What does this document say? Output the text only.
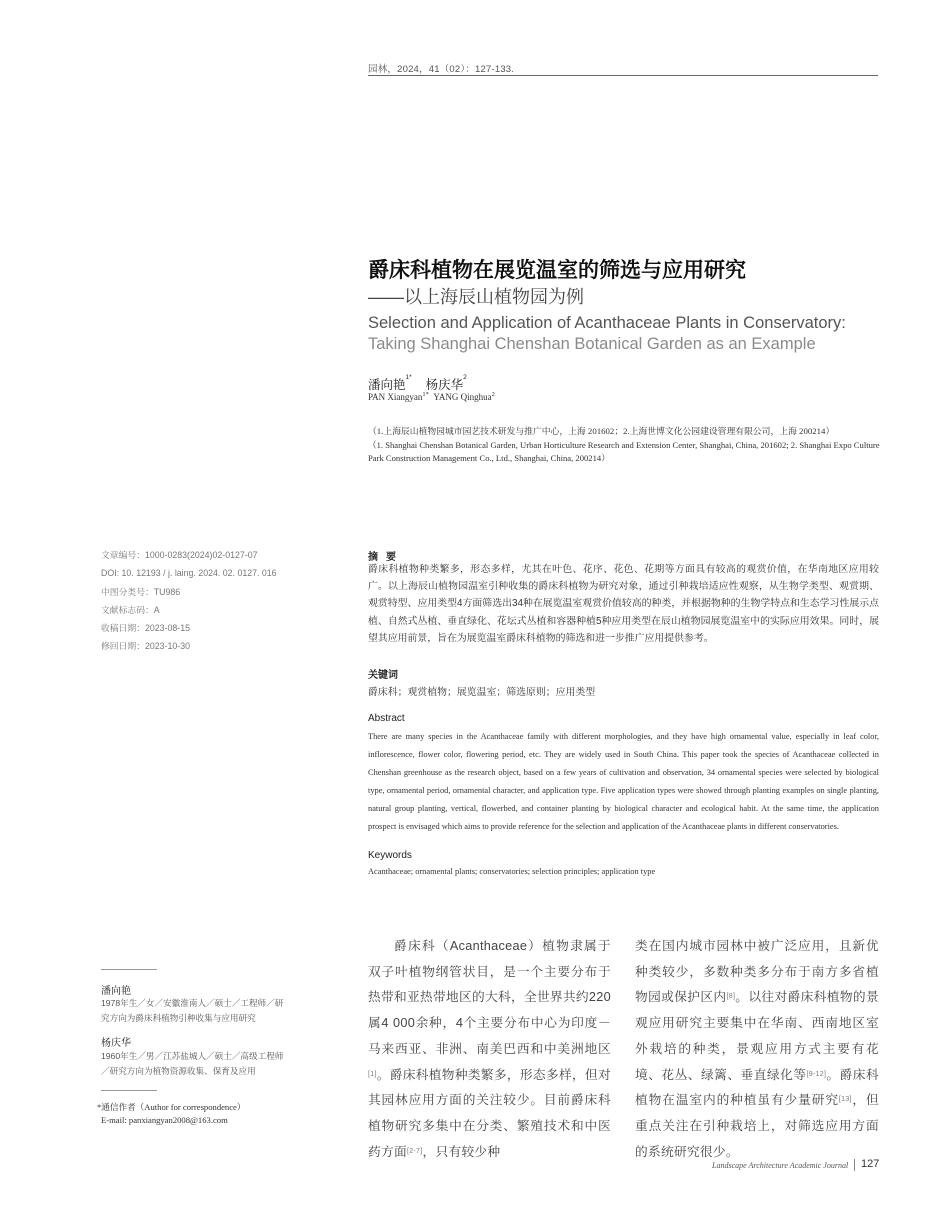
园林，2024，41（02）：127-133.
爵床科植物在展览温室的筛选与应用研究
——以上海辰山植物园为例
Selection and Application of Acanthaceae Plants in Conservatory: Taking Shanghai Chenshan Botanical Garden as an Example
潘向艳$^{1*}$    杨庆华$^2$
PAN Xiangyan$^{1*}$ YANG Qinghua$^2$
（1.上海辰山植物园城市园艺技术研发与推广中心，上海 201602；2.上海世博文化公园建设管理有限公司，上海 200214）
（1. Shanghai Chenshan Botanical Garden, Urban Horticulture Research and Extension Center, Shanghai, China, 201602; 2. Shanghai Expo Culture Park Construction Management Co., Ltd., Shanghai, China, 200214）
文章编号：1000-0283(2024)02-0127-07
DOI: 10. 12193 / j. laing. 2024. 02. 0127. 016
中图分类号：TU986
文献标志码：A
收稿日期：2023-08-15
修回日期：2023-10-30
摘要
爵床科植物种类繁多，形态多样，尤其在叶色、花序、花色、花期等方面具有较高的观赏价值，在华南地区应用较广。以上海辰山植物园温室引种收集的爵床科植物为研究对象，通过引种栽培适应性观察，从生物学类型、观赏期、观赏特型、应用类型4方面筛选出34种在展览温室观赏价值较高的种类，并根据物种的生物学特点和生态学习性展示点植、自然式丛植、垂直绿化、花坛式丛植和容器种植5种应用类型在辰山植物园展览温室中的实际应用效果。同时，展望其应用前景，旨在为展览温室爵床科植物的筛选和进一步推广应用提供参考。
关键词
爵床科；观赏植物；展览温室；筛选原则；应用类型
Abstract
There are many species in the Acanthaceae family with different morphologies, and they have high ornamental value, especially in leaf color, inflorescence, flower color, flowering period, etc. They are widely used in South China. This paper took the species of Acanthaceae collected in Chenshan greenhouse as the research object, based on a few years of cultivation and observation, 34 ornamental species were selected by biological type, ornamental period, ornamental character, and application type. Five application types were showed through planting examples on single planting, natural group planting, vertical, flowerbed, and container planting by biological character and ecological habit. At the same time, the application prospect is envisaged which aims to provide reference for the selection and application of the Acanthaceae plants in different conservatories.
Keywords
Acanthaceae; ornamental plants; conservatories; selection principles; application type
潘向艳
1978年生／女／安徽淮南人／硕士／工程师／研究方向为爵床科植物引种收集与应用研究
杨庆华
1960年生／男／江苏盐城人／硕士／高级工程师／研究方向为植物资源收集、保育及应用
*通信作者（Author for correspondence）
E-mail: panxiangyan2008@163.com
爵床科（Acanthaceae）植物隶属于双子叶植物纲管状目，是一个主要分布于热带和亚热带地区的大科，全世界共约220属4 000余种，4个主要分布中心为印度－马来西亚、非洲、南美巴西和中美洲地区[1]。爵床科植物种类繁多，形态多样，但对其园林应用方面的关注较少。目前爵床科植物研究多集中在分类、繁殖技术和中医药方面[2-7]，只有较少种
类在国内城市园林中被广泛应用，且新优种类较少，多数种类多分布于南方多省植物园或保护区内[8]。以往对爵床科植物的景观应用研究主要集中在华南、西南地区室外栽培的种类，景观应用方式主要有花境、花丛、绿篱、垂直绿化等[9-12]。爵床科植物在温室内的种植虽有少量研究[13]，但重点关注在引种栽培上，对筛选应用方面的系统研究很少。
Landscape Architecture Academic Journal 127
